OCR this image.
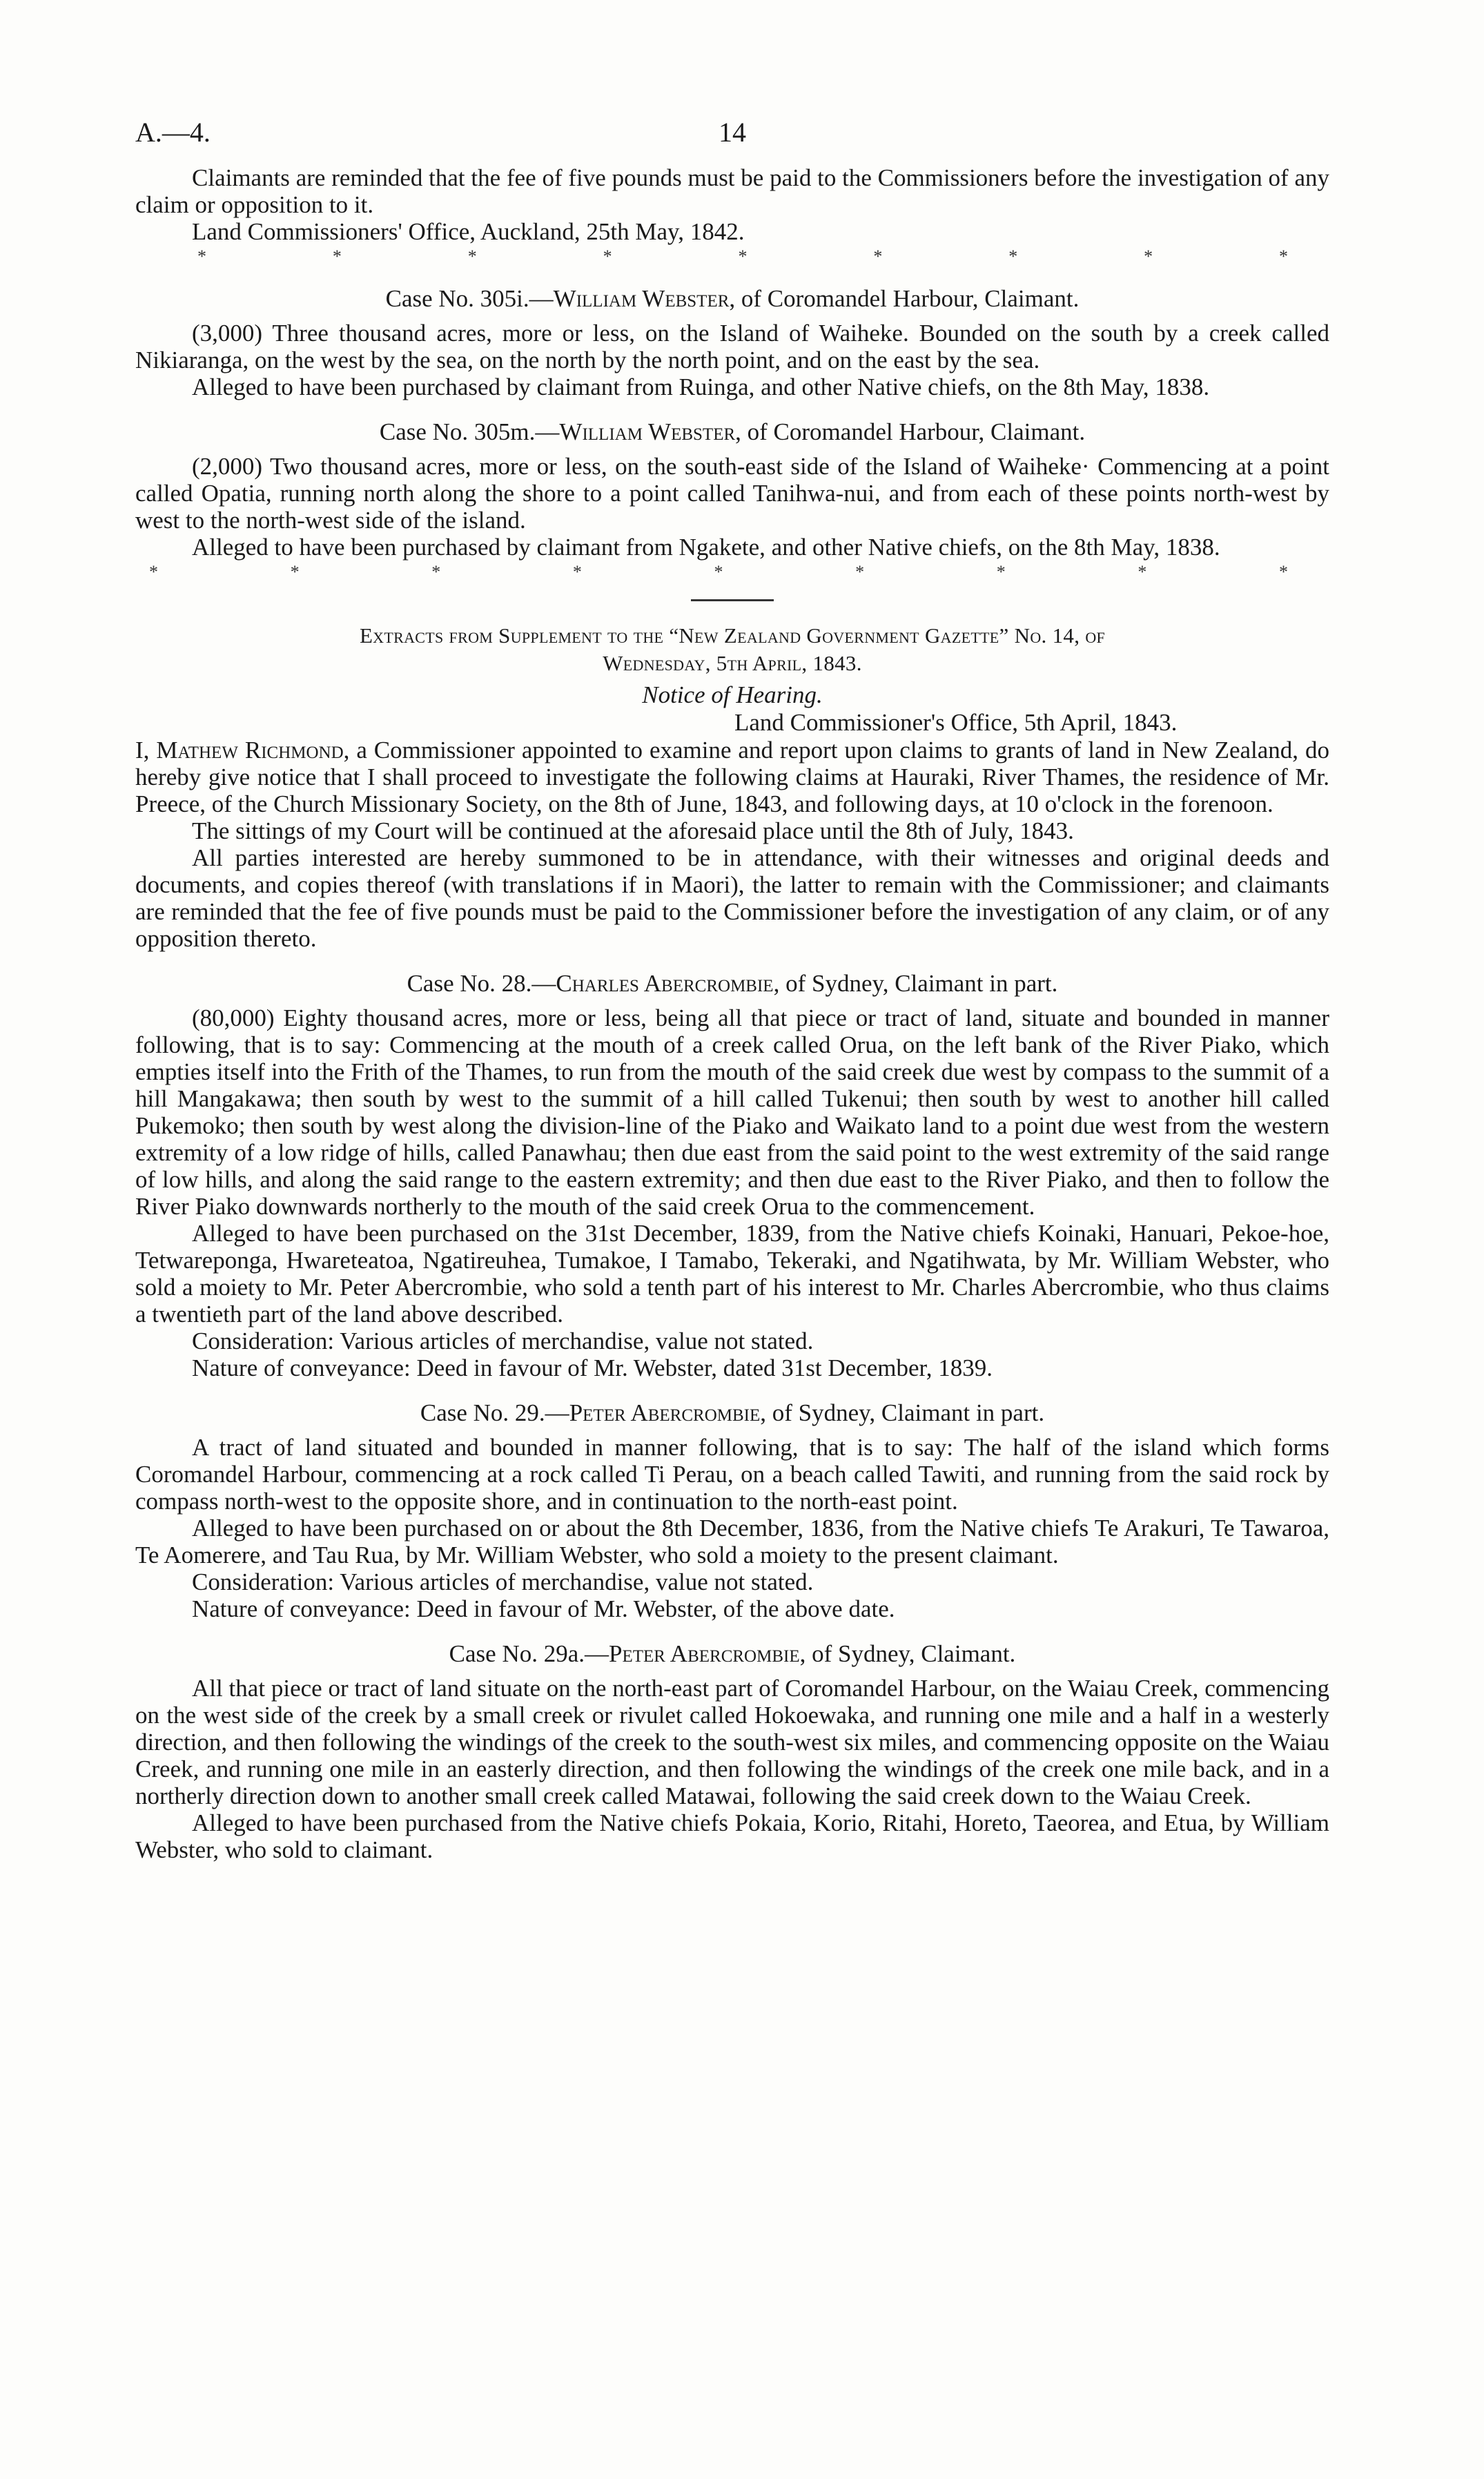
A.—4.	14

Claimants are reminded that the fee of five pounds must be paid to the Commissioners before the investigation of any claim or opposition to it.

Land Commissioners' Office, Auckland, 25th May, 1842.

*	*	*	*	*	*	*	*	*
Case No. 305i.—William Webster, of Coromandel Harbour, Claimant.

(3,000) Three thousand acres, more or less, on the Island of Waiheke. Bounded on the south by a creek called Nikiaranga, on the west by the sea, on the north by the north point, and on the east by the sea.

Alleged to have been purchased by claimant from Ruinga, and other Native chiefs, on the 8th May, 1838.

Case No. 305m.—William Webster, of Coromandel Harbour, Claimant.

(2,000) Two thousand acres, more or less, on the south-east side of the Island of Waiheke· Commencing at a point called Opatia, running north along the shore to a point called Tanihwa-nui, and from each of these points north-west by west to the north-west side of the island.

Alleged to have been purchased by claimant from Ngakete, and other Native chiefs, on the 8th May, 1838.

*	*	*	*	*	*	*	*	*
Extracts from Supplement to the “New Zealand Government Gazette” No. 14, of
Wednesday, 5th April, 1843.
Notice of Hearing.
Land Commissioner's Office, 5th April, 1843.

I, Mathew Richmond, a Commissioner appointed to examine and report upon claims to grants of land in New Zealand, do hereby give notice that I shall proceed to investigate the following claims at Hauraki, River Thames, the residence of Mr. Preece, of the Church Missionary Society, on the 8th of June, 1843, and following days, at 10 o'clock in the forenoon.

The sittings of my Court will be continued at the aforesaid place until the 8th of July, 1843.

All parties interested are hereby summoned to be in attendance, with their witnesses and original deeds and documents, and copies thereof (with translations if in Maori), the latter to remain with the Commissioner; and claimants are reminded that the fee of five pounds must be paid to the Commissioner before the investigation of any claim, or of any opposition thereto.

Case No. 28.—Charles Abercrombie, of Sydney, Claimant in part.

(80,000) Eighty thousand acres, more or less, being all that piece or tract of land, situate and bounded in manner following, that is to say: Commencing at the mouth of a creek called Orua, on the left bank of the River Piako, which empties itself into the Frith of the Thames, to run from the mouth of the said creek due west by compass to the summit of a hill Mangakawa; then south by west to the summit of a hill called Tukenui; then south by west to another hill called Pukemoko; then south by west along the division-line of the Piako and Waikato land to a point due west from the western extremity of a low ridge of hills, called Panawhau; then due east from the said point to the west extremity of the said range of low hills, and along the said range to the eastern extremity; and then due east to the River Piako, and then to follow the River Piako downwards northerly to the mouth of the said creek Orua to the commencement.

Alleged to have been purchased on the 31st December, 1839, from the Native chiefs Koinaki, Hanuari, Pekoe-hoe, Tetwareponga, Hwareteatoa, Ngatireuhea, Tumakoe, I Tamabo, Tekeraki, and Ngatihwata, by Mr. William Webster, who sold a moiety to Mr. Peter Abercrombie, who sold a tenth part of his interest to Mr. Charles Abercrombie, who thus claims a twentieth part of the land above described.

Consideration: Various articles of merchandise, value not stated.

Nature of conveyance: Deed in favour of Mr. Webster, dated 31st December, 1839.

Case No. 29.—Peter Abercrombie, of Sydney, Claimant in part.

A tract of land situated and bounded in manner following, that is to say: The half of the island which forms Coromandel Harbour, commencing at a rock called Ti Perau, on a beach called Tawiti, and running from the said rock by compass north-west to the opposite shore, and in continuation to the north-east point.

Alleged to have been purchased on or about the 8th December, 1836, from the Native chiefs Te Arakuri, Te Tawaroa, Te Aomerere, and Tau Rua, by Mr. William Webster, who sold a moiety to the present claimant.

Consideration: Various articles of merchandise, value not stated.

Nature of conveyance: Deed in favour of Mr. Webster, of the above date.

Case No. 29a.—Peter Abercrombie, of Sydney, Claimant.

All that piece or tract of land situate on the north-east part of Coromandel Harbour, on the Waiau Creek, commencing on the west side of the creek by a small creek or rivulet called Hokoewaka, and running one mile and a half in a westerly direction, and then following the windings of the creek to the south-west six miles, and commencing opposite on the Waiau Creek, and running one mile in an easterly direction, and then following the windings of the creek one mile back, and in a northerly direction down to another small creek called Matawai, following the said creek down to the Waiau Creek.

Alleged to have been purchased from the Native chiefs Pokaia, Korio, Ritahi, Horeto, Taeorea, and Etua, by William Webster, who sold to claimant.
